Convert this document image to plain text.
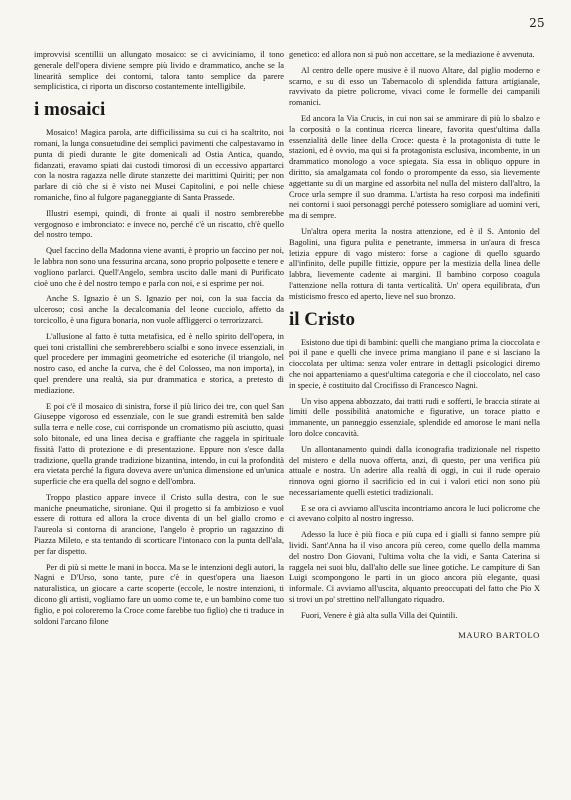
25

improvvisi scentillii un allungato mosaico: se ci avviciniamo, il tono generale dell'opera diviene sempre più livido e drammatico, anche se la linearità semplice dei contorni, talora tanto semplice da parere semplicistica, ci riporta un discorso costantemente intelligibile.

i mosaici

Mosaico! Magica parola, arte difficilissima su cui ci ha scaltrito, noi romani, la lunga consuetudine dei semplici pavimenti che calpestavamo in punta di piedi durante le gite domenicali ad Ostia Antica, quando, fidanzati, eravamo spiati dai custodi timorosi di un eccessivo appartarci con la nostra ragazza nelle dirute stanzette dei marittimi Quiriti; per non parlare di ciò che si è visto nei Musei Capitolini, e poi nelle chiese romaniche, fino al fulgore paganeggiante di Santa Prassede.

Illustri esempi, quindi, di fronte ai quali il nostro sembrerebbe vergognoso e imbronciato: e invece no, perché c'è un riscatto, ch'è quello del nostro tempo.

Quel faccino della Madonna viene avanti, è proprio un faccino per noi, le labbra non sono una fessurina arcana, sono proprio polposette e tenere e vogliono parlarci. Quell'Angelo, sembra uscito dalle mani di Purificato cioè uno che è del nostro tempo e parla con noi, e si esprime per noi.

Anche S. Ignazio è un S. Ignazio per noi, con la sua faccia da ulceroso; così anche la decalcomania del leone cucciolo, affetto da torcicollo, è una figura bonaria, non vuole affliggerci o terrorizzarci.

L'allusione al fatto è tutta metafisica, ed è nello spirito dell'opera, in quei toni cristallini che sembrerebbero scialbi e sono invece essenziali, in quel procedere per immagini geometriche ed esoteriche (il triangolo, nel nostro caso, ed anche la curva, che è del Colosseo, ma non importa), in quel prendere una realtà, sia pur drammatica e storica, a pretesto di mediazione.

E poi c'è il mosaico di sinistra, forse il più lirico dei tre, con quel San Giuseppe vigoroso ed essenziale, con le sue grandi estremità ben salde sulla terra e nelle cose, cui corrisponde un cromatismo più asciutto, quasi solo bitonale, ed una linea decisa e graffiante che raggela in spirituale fissità l'atto di protezione e di presentazione. Eppure non s'esce dalla tradizione, quella grande tradizione bizantina, intendo, in cui la profondità era vietata perché la figura doveva avere un'unica dimensione ed un'unica superficie che era quella del sogno e dell'ombra.

Troppo plastico appare invece il Cristo sulla destra, con le sue maniche pneumatiche, sironiane. Qui il progetto si fa ambizioso e vuol essere di rottura ed allora la croce diventa di un bel giallo cromo e l'aureola si contorna di arancione, l'angelo è proprio un ragazzino di Piazza Mileto, e sta tentando di scorticare l'intonaco con la punta dell'ala, per far dispetto.

Per di più si mette le mani in bocca. Ma se le intenzioni degli autori, la Nagni e D'Urso, sono tante, pure c'è in quest'opera una liaeson naturalistica, un giocare a carte scoperte (eccole, le nostre intenzioni, ti dicono gli artisti, vogliamo fare un uomo come te, e un bambino come tuo figlio, e poi coloreremo la Croce come farebbe tuo figlio) che ti traduce in soldoni l'arcano filone

genetico: ed allora non si può non accettare, se la mediazione è avvenuta.

Al centro delle opere musive è il nuovo Altare, dal piglio moderno e scarno, e su di esso un Tabernacolo di splendida fattura artigianale, ravvivato da pietre policrome, vivaci come le formelle dei campanili romanici.

Ed ancora la Via Crucis, in cui non sai se ammirare di più lo sbalzo e la corposità o la continua ricerca lineare, favorita quest'ultima dalla essenzialità delle linee della Croce: questa è la protagonista di tutte le stazioni, ed è ovvio, ma qui si fa protagonista esclusiva, incombente, in un drammatico monologo a voce spiegata. Sia essa in obliquo oppure in diritto, sia amalgamata col fondo o prorompente da esso, sia lievemente aggettante su di un margine ed assorbita nel nulla del mistero dall'altro, la Croce urla sempre il suo dramma. L'artista ha reso corposi ma indefiniti nei contorni i suoi personaggi perché potessero somigliare ad uomini veri, ma di sempre.

Un'altra opera merita la nostra attenzione, ed è il S. Antonio del Bagolini, una figura pulita e penetrante, immersa in un'aura di fresca letizia eppure di vago mistero: forse a cagione di quello sguardo all'infinito, delle pupille fittizie, oppure per la mestizia della linea delle labbra, lievemente cadente ai margini. Il bambino corposo coagula l'attenzione nella rottura di tanta verticalità. Un' opera equilibrata, d'un misticismo fresco ed aperto, lieve nel suo bronzo.

il Cristo

Esistono due tipi di bambini: quelli che mangiano prima la cioccolata e poi il pane e quelli che invece prima mangiano il pane e si lasciano la cioccolata per ultima: senza voler entrare in dettagli psicologici diremo che noi apparteniamo a quest'ultima categoria e che il cioccolato, nel caso in specie, è costituito dal Crocifisso di Francesco Nagni.

Un viso appena abbozzato, dai tratti rudi e sofferti, le braccia stirate ai limiti delle possibilità anatomiche e figurative, un torace piatto e immanente, un panneggio essenziale, splendide ed amorose le mani nella loro dolce concavità.

Un allontanamento quindi dalla iconografia tradizionale nel rispetto del mistero e della nuova offerta, anzi, di questo, per una verifica più attuale e nostra. Un aderire alla realtà di oggi, in cui il rude operaio rinnova ogni giorno il sacrificio ed in cui i valori etici non sono più necessariamente quelli estetici tradizionali.

E se ora ci avviamo all'uscita incontriamo ancora le luci policrome che ci avevano colpito al nostro ingresso.

Adesso la luce è più fioca e più cupa ed i gialli si fanno sempre più lividi. Sant'Anna ha il viso ancora più cereo, come quello della mamma del nostro Don Giovani, l'ultima volta che la vidi, e Santa Caterina si raggela nei suoi blu, dall'alto delle sue linee gotiche. Le campiture di San Luigi scompongono le parti in un gioco ancora più elegante, quasi informale. Ci avviamo all'uscita, alquanto preoccupati del fatto che Pio X si trovi un po' strettino nell'allungato riquadro.

Fuori, Venere è già alta sulla Villa dei Quintili.

MAURO BARTOLO
